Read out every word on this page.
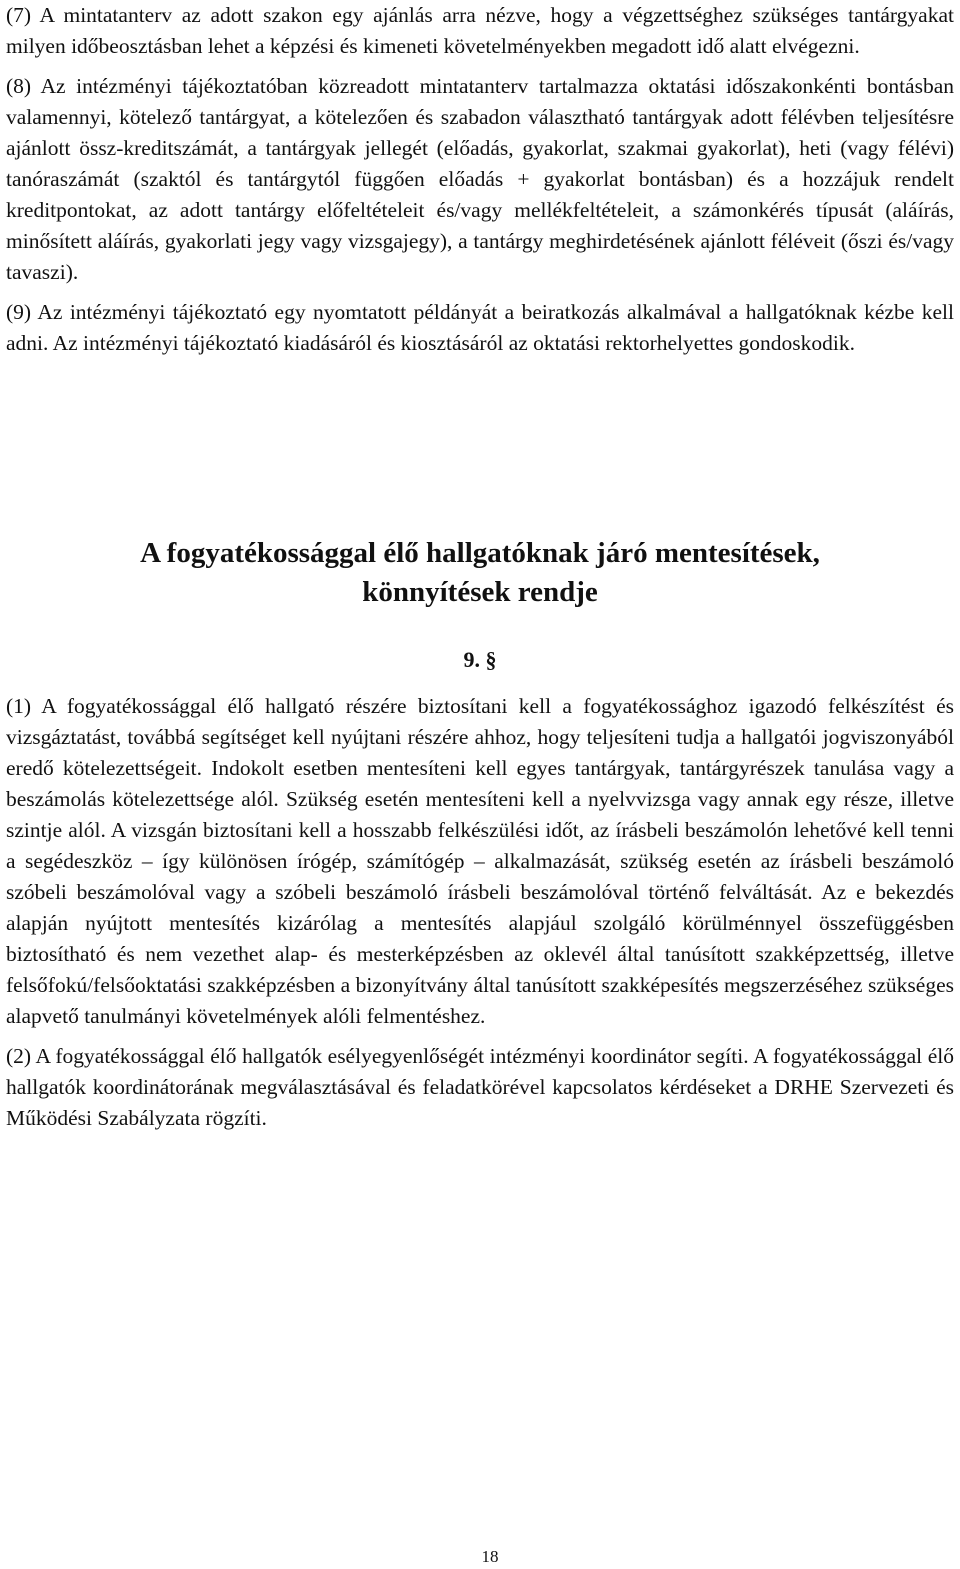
(7) A mintatanterv az adott szakon egy ajánlás arra nézve, hogy a végzettséghez szükséges tantárgyakat milyen időbeosztásban lehet a képzési és kimeneti követelményekben megadott idő alatt elvégezni.

(8) Az intézményi tájékoztatóban közreadott mintatanterv tartalmazza oktatási időszakonkénti bontásban valamennyi, kötelező tantárgyat, a kötelezően és szabadon választható tantárgyak adott félévben teljesítésre ajánlott össz-kreditszámát, a tantárgyak jellegét (előadás, gyakorlat, szakmai gyakorlat), heti (vagy félévi) tanóraszámát (szaktól és tantárgytól függően előadás + gyakorlat bontásban) és a hozzájuk rendelt kreditpontokat, az adott tantárgy előfeltételeit és/vagy mellékfeltételeit, a számonkérés típusát (aláírás, minősített aláírás, gyakorlati jegy vagy vizsgajegy), a tantárgy meghirdetésének ajánlott féléveit (őszi és/vagy tavaszi).

(9) Az intézményi tájékoztató egy nyomtatott példányát a beiratkozás alkalmával a hallgatóknak kézbe kell adni. Az intézményi tájékoztató kiadásáról és kiosztásáról az oktatási rektorhelyettes gondoskodik.

A fogyatékossággal élő hallgatóknak járó mentesítések,
könnyítések rendje
9. §

(1) A fogyatékossággal élő hallgató részére biztosítani kell a fogyatékossághoz igazodó felkészítést és vizsgáztatást, továbbá segítséget kell nyújtani részére ahhoz, hogy teljesíteni tudja a hallgatói jogviszonyából eredő kötelezettségeit. Indokolt esetben mentesíteni kell egyes tantárgyak, tantárgyrészek tanulása vagy a beszámolás kötelezettsége alól. Szükség esetén mentesíteni kell a nyelvvizsga vagy annak egy része, illetve szintje alól. A vizsgán biztosítani kell a hosszabb felkészülési időt, az írásbeli beszámolón lehetővé kell tenni a segédeszköz – így különösen írógép, számítógép – alkalmazását, szükség esetén az írásbeli beszámoló szóbeli beszámolóval vagy a szóbeli beszámoló írásbeli beszámolóval történő felváltását. Az e bekezdés alapján nyújtott mentesítés kizárólag a mentesítés alapjául szolgáló körülménnyel összefüggésben biztosítható és nem vezethet alap- és mesterképzésben az oklevél által tanúsított szakképzettség, illetve felsőfokú/felsőoktatási szakképzésben a bizonyítvány által tanúsított szakképesítés megszerzéséhez szükséges alapvető tanulmányi követelmények alóli felmentéshez.

(2) A fogyatékossággal élő hallgatók esélyegyenlőségét intézményi koordinátor segíti. A fogyatékossággal élő hallgatók koordinátorának megválasztásával és feladatkörével kapcsolatos kérdéseket a DRHE Szervezeti és Működési Szabályzata rögzíti.

18
